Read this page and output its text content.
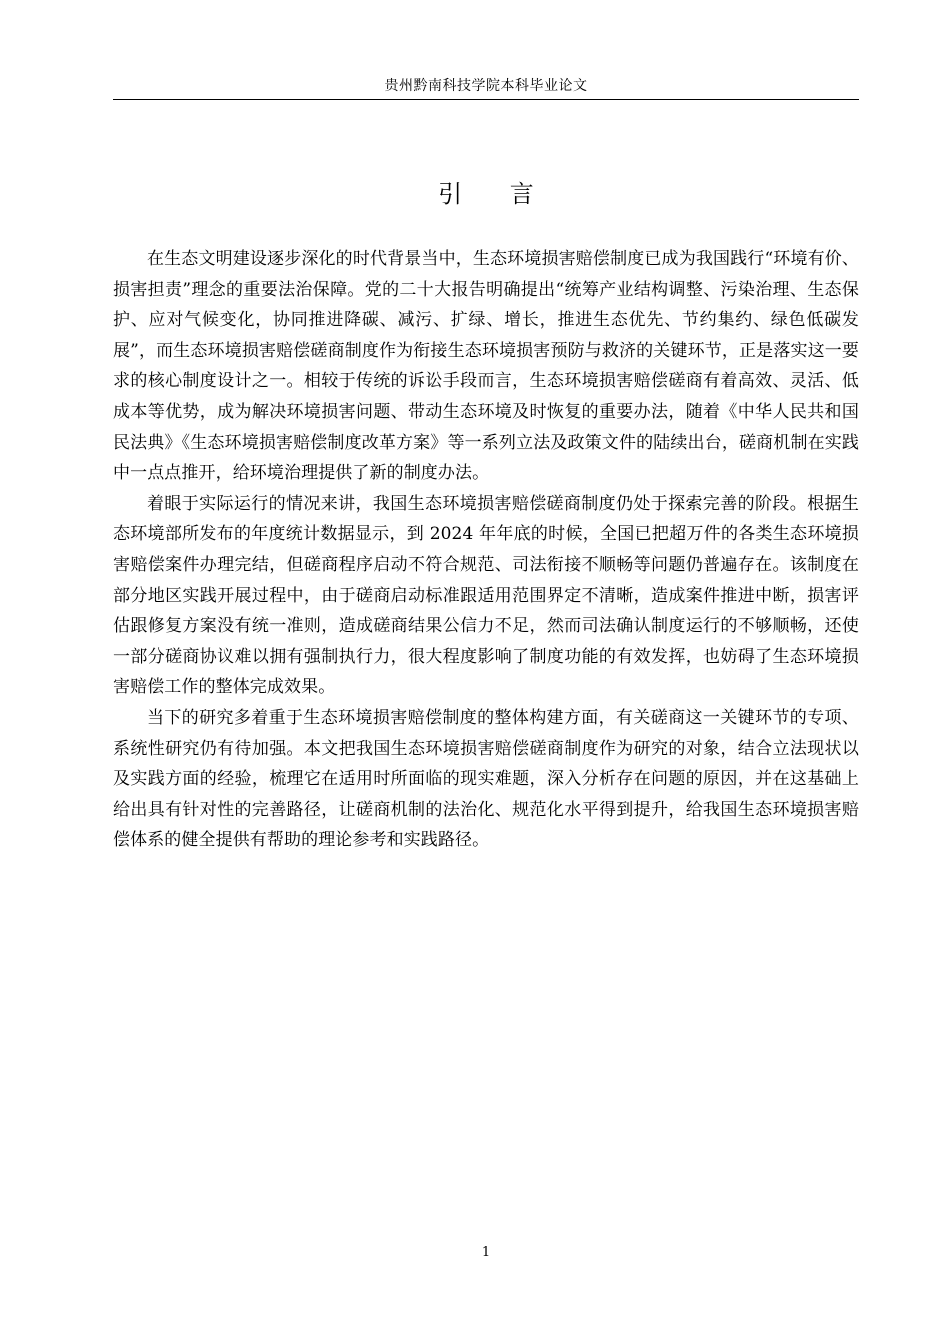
贵州黔南科技学院本科毕业论文
引 言

在生态文明建设逐步深化的时代背景当中，生态环境损害赔偿制度已成为我国践行“环境有价、损害担责”理念的重要法治保障。党的二十大报告明确提出“统筹产业结构调整、污染治理、生态保护、应对气候变化，协同推进降碳、减污、扩绿、增长，推进生态优先、节约集约、绿色低碳发展”，而生态环境损害赔偿磋商制度作为衔接生态环境损害预防与救济的关键环节，正是落实这一要求的核心制度设计之一。相较于传统的诉讼手段而言，生态环境损害赔偿磋商有着高效、灵活、低成本等优势，成为解决环境损害问题、带动生态环境及时恢复的重要办法，随着《中华人民共和国民法典》《生态环境损害赔偿制度改革方案》等一系列立法及政策文件的陆续出台，磋商机制在实践中一点点推开，给环境治理提供了新的制度办法。

着眼于实际运行的情况来讲，我国生态环境损害赔偿磋商制度仍处于探索完善的阶段。根据生态环境部所发布的年度统计数据显示，到 2024 年年底的时候，全国已把超万件的各类生态环境损害赔偿案件办理完结，但磋商程序启动不符合规范、司法衔接不顺畅等问题仍普遍存在。该制度在部分地区实践开展过程中，由于磋商启动标准跟适用范围界定不清晰，造成案件推进中断，损害评估跟修复方案没有统一准则，造成磋商结果公信力不足，然而司法确认制度运行的不够顺畅，还使一部分磋商协议难以拥有强制执行力，很大程度影响了制度功能的有效发挥，也妨碍了生态环境损害赔偿工作的整体完成效果。

当下的研究多着重于生态环境损害赔偿制度的整体构建方面，有关磋商这一关键环节的专项、系统性研究仍有待加强。本文把我国生态环境损害赔偿磋商制度作为研究的对象，结合立法现状以及实践方面的经验，梳理它在适用时所面临的现实难题，深入分析存在问题的原因，并在这基础上给出具有针对性的完善路径，让磋商机制的法治化、规范化水平得到提升，给我国生态环境损害赔偿体系的健全提供有帮助的理论参考和实践路径。

1
